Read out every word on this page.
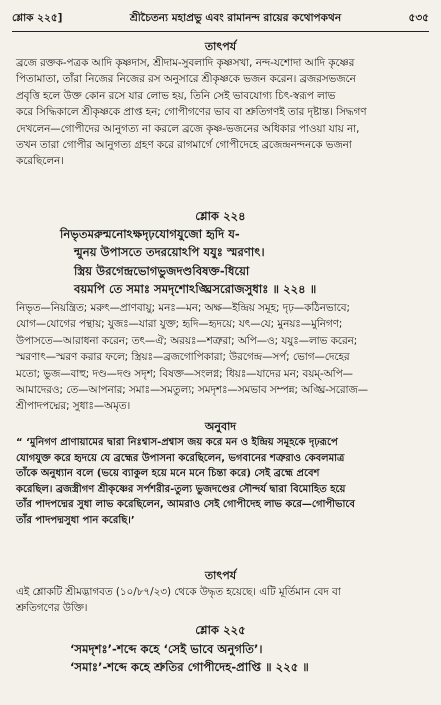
শ্লোক ২২৫]	শ্রীচৈতন্য মহাপ্রভু এবং রামানন্দ রায়ের কথোপকথন	৫৩৫
তাৎপর্য
ব্রজে রক্তক-পত্রক আদি কৃষ্ণদাস, শ্রীদাম-সুবলাদি কৃষ্ণসখা, নন্দ-যশোদা আদি কৃষ্ণের
পিতামাতা, তাঁরা নিজের নিজের রস অনুসারে শ্রীকৃষ্ণকে ভজন করেন। ব্রজরসভজনে
প্রবৃত্তি হলে উক্ত কোন রসে যার লোভ হয়, তিনি সেই ভাবযোগ্য চিৎ-স্বরূপ লাভ
করে সিদ্ধিকালে শ্রীকৃষ্ণকে প্রাপ্ত হন; গোপীগণের ভাব বা শ্রুতিগণই তার দৃষ্টান্ত। সিদ্ধগণ
দেখলেন—গোপীদের আনুগত্য না করলে ব্রজে কৃষ্ণ-ভজনের অধিকার পাওয়া যায় না,
তখন তারা গোপীর আনুগত্য গ্রহণ করে রাগমার্গে গোপীদেহে ব্রজেন্দ্রনন্দনকে ভজনা
করেছিলেন।
শ্লোক ২২৪
নিভৃতমরুন্মনোঽক্ষদৃঢ়যোগযুজো হৃদি য-
ন্মুনয় উপাসতে তদরয়োঽপি যযুঃ স্মরণাৎ।
স্ত্রিয় উরগেন্দ্রভোগভুজদণ্ডবিষক্ত-ধিয়ো
বয়মপি তে সমাঃ সমদৃশোঽঙ্ঘ্রিসরোজসুধাঃ ॥ ২২৪ ॥
নিভৃত—নিয়ন্ত্রিত; মরুৎ—প্রাণবায়ু; মনঃ—মন; অক্ষ—ইন্দ্রিয় সমূহ; দৃঢ়—কঠিনভাবে;
যোগ—যোগের পন্থায়; যুজঃ—যারা যুক্ত; হৃদি—হৃদয়ে; যৎ—যে; মুনয়ঃ—মুনিগণ;
উপাসতে—আরাধনা করেন; তৎ—ঐ; অরয়ঃ—শত্রুরা; অপি—ও; যযুঃ—লাভ করেন;
স্মরণাৎ—স্মরণ করার ফলে; স্ত্রিয়ঃ—ব্রজগোপিকারা; উরগেন্দ্র—সর্প; ভোগ—দেহের
মতো; ভুজ—বাহু; দণ্ড—দণ্ড সদৃশ; বিষক্ত—সংলগ্ন; ধিয়ঃ—যাদের মন; বয়ম্‌-অপি—
আমাদেরও; তে—আপনার; সমাঃ—সমতুল্য; সমদৃশঃ—সমভাব সম্পন্ন; অঙ্ঘ্রি-সরোজ—
শ্রীপাদপদ্মের; সুধাঃ—অমৃত।
অনুবাদ
“ ‘মুনিগণ প্রাণায়ামের দ্বারা নিঃশ্বাস-প্রশ্বাস জয় করে মন ও ইন্দ্রিয় সমূহকে দৃঢ়রূপে
যোগযুক্ত করে হৃদয়ে যে ব্রহ্মের উপাসনা করেছিলেন, ভগবানের শত্রুরাও কেবলমাত্র
তাঁকে অনুধ্যান বলে (ভয়ে ব্যাকুল হয়ে মনে মনে চিন্তা করে) সেই ব্রহ্মে প্রবেশ
করেছিল। ব্রজস্ত্রীগণ শ্রীকৃষ্ণের সর্পশরীর-তুল্য ভুজদণ্ডের সৌন্দর্য দ্বারা বিমোহিত হয়ে
তাঁর পাদপদ্মের সুধা লাভ করেছিলেন, আমরাও সেই গোপীদেহ লাভ করে—গোপীভাবে
তাঁর পাদপদ্মসুধা পান করেছি।’
তাৎপর্য
এই শ্লোকটি শ্রীমদ্ভাগবত (১০/৮৭/২৩) থেকে উদ্ধৃত হয়েছে। এটি মূর্তিমান বেদ বা
শ্রুতিগণের উক্তি।
শ্লোক ২২৫
‘সমদৃশঃ’-শব্দে কহে ‘সেই ভাবে অনুগতি’।
‘সমাঃ’-শব্দে কহে শ্রুতির গোপীদেহ-প্রাপ্তি ॥ ২২৫ ॥
